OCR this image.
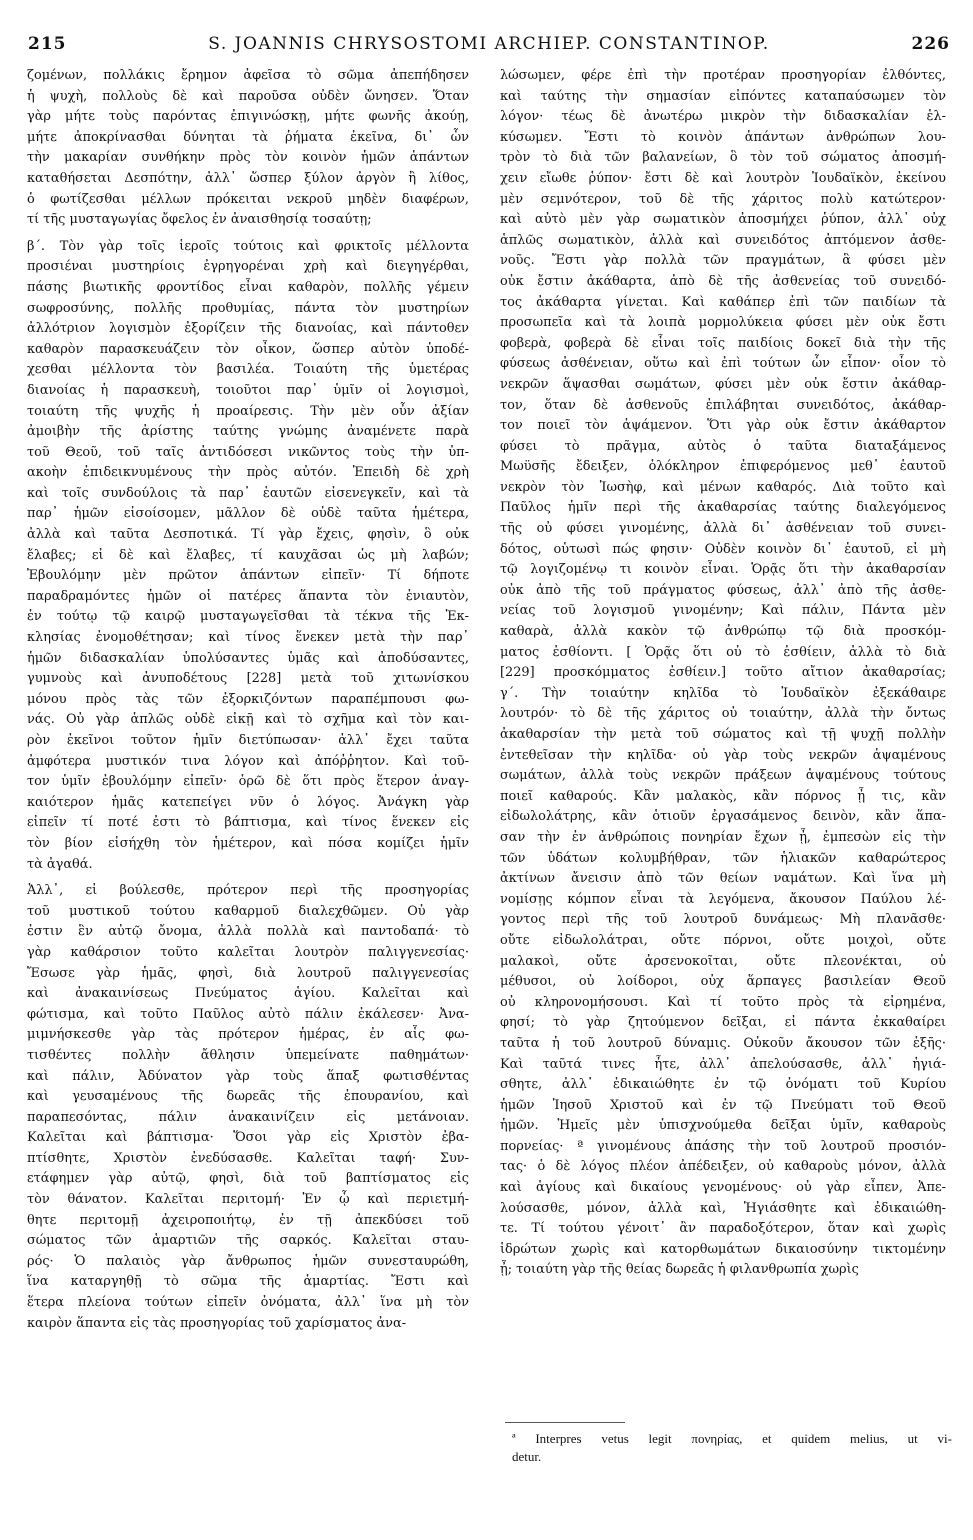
215	S. JOANNIS CHRYSOSTOMI ARCHIEP. CONSTANTINOP.	226
ζομένων, πολλάκις ἔρημον ἀφεῖσα τὸ σῶμα ἀπεπήδησεν
ἡ ψυχὴ, πολλοὺς δὲ καὶ παροῦσα οὐδὲν ὤνησεν. Ὅταν
γὰρ μήτε τοὺς παρόντας ἐπιγινώσκῃ, μήτε φωνῆς ἀκούῃ,
μήτε ἀποκρίνασθαι δύνηται τὰ ῥήματα ἐκεῖνα, δι᾽ ὧν
τὴν μακαρίαν συνθήκην πρὸς τὸν κοινὸν ἡμῶν ἁπάντων
καταθήσεται Δεσπότην, ἀλλ᾽ ὥσπερ ξύλον ἀργὸν ἢ λίθος,
ὁ φωτίζεσθαι μέλλων πρόκειται νεκροῦ μηδὲν διαφέρων,
τί τῆς μυσταγωγίας ὄφελος ἐν ἀναισθησίᾳ τοσαύτῃ;
β΄. Τὸν γὰρ τοῖς ἱεροῖς τούτοις καὶ φρικτοῖς μέλλοντα
προσιέναι μυστηρίοις ἐγρηγορέναι χρὴ καὶ διεγηγέρθαι,
πάσης βιωτικῆς φροντίδος εἶναι καθαρὸν, πολλῆς γέμειν
σωφροσύνης, πολλῆς προθυμίας, πάντα τὸν μυστηρίων
ἀλλότριον λογισμὸν ἐξορίζειν τῆς διανοίας, καὶ πάντοθεν
καθαρὸν παρασκευάζειν τὸν οἶκον, ὥσπερ αὐτὸν ὑποδέ-
χεσθαι μέλλοντα τὸν βασιλέα. Τοιαύτη τῆς ὑμετέρας
διανοίας ἡ παρασκευὴ, τοιοῦτοι παρ᾽ ὑμῖν οἱ λογισμοὶ,
τοιαύτη τῆς ψυχῆς ἡ προαίρεσις. Τὴν μὲν οὖν ἀξίαν
ἀμοιβὴν τῆς ἀρίστης ταύτης γνώμης ἀναμένετε παρὰ
τοῦ Θεοῦ, τοῦ ταῖς ἀντιδόσεσι νικῶντος τοὺς τὴν ὑπ-
ακοὴν ἐπιδεικνυμένους τὴν πρὸς αὐτόν. Ἐπειδὴ δὲ χρὴ
καὶ τοῖς συνδούλοις τὰ παρ᾽ ἑαυτῶν εἰσενεγκεῖν, καὶ τὰ
παρ᾽ ἡμῶν εἰσοίσομεν, μᾶλλον δὲ οὐδὲ ταῦτα ἡμέτερα,
ἀλλὰ καὶ ταῦτα Δεσποτικά. Τί γὰρ ἔχεις, φησὶν, ὃ οὐκ
ἔλαβες; εἰ δὲ καὶ ἔλαβες, τί καυχᾶσαι ὡς μὴ λαβών;
Ἐβουλόμην μὲν πρῶτον ἁπάντων εἰπεῖν· Τί δήποτε
παραδραμόντες ἡμῶν οἱ πατέρες ἅπαντα τὸν ἐνιαυτὸν,
ἐν τούτῳ τῷ καιρῷ μυσταγωγεῖσθαι τὰ τέκνα τῆς Ἐκ-
κλησίας ἐνομοθέτησαν; καὶ τίνος ἕνεκεν μετὰ τὴν παρ᾽
ἡμῶν διδασκαλίαν ὑπολύσαντες ὑμᾶς καὶ ἀποδύσαντες,
γυμνοὺς καὶ ἀνυποδέτους [228] μετὰ τοῦ χιτωνίσκου
μόνου πρὸς τὰς τῶν ἐξορκιζόντων παραπέμπουσι φω-
νάς. Οὐ γὰρ ἁπλῶς οὐδὲ εἰκῇ καὶ τὸ σχῆμα καὶ τὸν και-
ρὸν ἐκεῖνοι τοῦτον ἡμῖν διετύπωσαν· ἀλλ᾽ ἔχει ταῦτα
ἀμφότερα μυστικόν τινα λόγον καὶ ἀπόῤῥητον. Καὶ τοῦ-
τον ὑμῖν ἐβουλόμην εἰπεῖν· ὁρῶ δὲ ὅτι πρὸς ἕτερον ἀναγ-
καιότερον ἡμᾶς κατεπείγει νῦν ὁ λόγος. Ἀνάγκη γὰρ
εἰπεῖν τί ποτέ ἐστι τὸ βάπτισμα, καὶ τίνος ἕνεκεν εἰς
τὸν βίον εἰσήχθη τὸν ἡμέτερον, καὶ πόσα κομίζει ἡμῖν
τὰ ἀγαθά.
Ἀλλ᾽, εἰ βούλεσθε, πρότερον περὶ τῆς προσηγορίας
τοῦ μυστικοῦ τούτου καθαρμοῦ διαλεχθῶμεν. Οὐ γὰρ
ἐστιν ἓν αὐτῷ ὄνομα, ἀλλὰ πολλὰ καὶ παντοδαπά· τὸ
γὰρ καθάρσιον τοῦτο καλεῖται λουτρὸν παλιγγενεσίας·
Ἔσωσε γὰρ ἡμᾶς, φησὶ, διὰ λουτροῦ παλιγγενεσίας
καὶ ἀνακαινίσεως Πνεύματος ἁγίου. Καλεῖται καὶ
φώτισμα, καὶ τοῦτο Παῦλος αὐτὸ πάλιν ἐκάλεσεν· Ἀνα-
μιμνήσκεσθε γὰρ τὰς πρότερον ἡμέρας, ἐν αἷς φω-
τισθέντες πολλὴν ἄθλησιν ὑπεμείνατε παθημάτων·
καὶ πάλιν, Ἀδύνατον γὰρ τοὺς ἅπαξ φωτισθέντας
καὶ γευσαμένους τῆς δωρεᾶς τῆς ἐπουρανίου, καὶ
παραπεσόντας, πάλιν ἀνακαινίζειν εἰς μετάνοιαν.
Καλεῖται καὶ βάπτισμα· Ὅσοι γὰρ εἰς Χριστὸν ἐβα-
πτίσθητε, Χριστὸν ἐνεδύσασθε. Καλεῖται ταφή· Συν-
ετάφημεν γὰρ αὐτῷ, φησὶ, διὰ τοῦ βαπτίσματος εἰς
τὸν θάνατον. Καλεῖται περιτομή· Ἐν ᾧ καὶ περιετμή-
θητε περιτομῇ ἀχειροποιήτῳ, ἐν τῇ ἀπεκδύσει τοῦ
σώματος τῶν ἁμαρτιῶν τῆς σαρκός. Καλεῖται σταυ-
ρός· Ὁ παλαιὸς γὰρ ἄνθρωπος ἡμῶν συνεσταυρώθη,
ἵνα καταργηθῇ τὸ σῶμα τῆς ἁμαρτίας. Ἔστι καὶ
ἕτερα πλείονα τούτων εἰπεῖν ὀνόματα, ἀλλ᾽ ἵνα μὴ τὸν
καιρὸν ἅπαντα εἰς τὰς προσηγορίας τοῦ χαρίσματος ἀνα-
λώσωμεν, φέρε ἐπὶ τὴν προτέραν προσηγορίαν ἐλθόντες,
καὶ ταύτης τὴν σημασίαν εἰπόντες καταπαύσωμεν τὸν
λόγον· τέως δὲ ἀνωτέρω μικρὸν τὴν διδασκαλίαν ἑλ-
κύσωμεν. Ἔστι τὸ κοινὸν ἁπάντων ἀνθρώπων λου-
τρὸν τὸ διὰ τῶν βαλανείων, ὃ τὸν τοῦ σώματος ἀποσμή-
χειν εἴωθε ῥύπον· ἔστι δὲ καὶ λουτρὸν Ἰουδαϊκὸν, ἐκείνου
μὲν σεμνότερον, τοῦ δὲ τῆς χάριτος πολὺ κατώτερον·
καὶ αὐτὸ μὲν γὰρ σωματικὸν ἀποσμήχει ῥύπον, ἀλλ᾽ οὐχ
ἁπλῶς σωματικὸν, ἀλλὰ καὶ συνειδότος ἀπτόμενον ἀσθε-
νοῦς. Ἔστι γὰρ πολλὰ τῶν πραγμάτων, ἃ φύσει μὲν
οὐκ ἔστιν ἀκάθαρτα, ἀπὸ δὲ τῆς ἀσθενείας τοῦ συνειδό-
τος ἀκάθαρτα γίνεται. Καὶ καθάπερ ἐπὶ τῶν παιδίων τὰ
προσωπεῖα καὶ τὰ λοιπὰ μορμολύκεια φύσει μὲν οὐκ ἔστι
φοβερὰ, φοβερὰ δὲ εἶναι τοῖς παιδίοις δοκεῖ διὰ τὴν τῆς
φύσεως ἀσθένειαν, οὕτω καὶ ἐπὶ τούτων ὧν εἶπον· οἷον τὸ
νεκρῶν ἅψασθαι σωμάτων, φύσει μὲν οὐκ ἔστιν ἀκάθαρ-
τον, ὅταν δὲ ἀσθενοῦς ἐπιλάβηται συνειδότος, ἀκάθαρ-
τον ποιεῖ τὸν ἁψάμενον. Ὅτι γὰρ οὐκ ἔστιν ἀκάθαρτον
φύσει τὸ πρᾶγμα, αὐτὸς ὁ ταῦτα διαταξάμενος
Μωϋσῆς ἔδειξεν, ὁλόκληρον ἐπιφερόμενος μεθ᾽ ἑαυτοῦ
νεκρὸν τὸν Ἰωσὴφ, καὶ μένων καθαρός. Διὰ τοῦτο καὶ
Παῦλος ἡμῖν περὶ τῆς ἀκαθαρσίας ταύτης διαλεγόμενος
τῆς οὐ φύσει γινομένης, ἀλλὰ δι᾽ ἀσθένειαν τοῦ συνει-
δότος, οὑτωσὶ πώς φησιν· Οὐδὲν κοινὸν δι᾽ ἑαυτοῦ, εἰ μὴ
τῷ λογιζομένῳ τι κοινὸν εἶναι. Ὁρᾷς ὅτι τὴν ἀκαθαρσίαν
οὐκ ἀπὸ τῆς τοῦ πράγματος φύσεως, ἀλλ᾽ ἀπὸ τῆς ἀσθε-
νείας τοῦ λογισμοῦ γινομένην; Καὶ πάλιν, Πάντα μὲν
καθαρὰ, ἀλλὰ κακὸν τῷ ἀνθρώπῳ τῷ διὰ προσκόμ-
ματος ἐσθίοντι. [ Ὁρᾷς ὅτι οὐ τὸ ἐσθίειν, ἀλλὰ τὸ διὰ
[229] προσκόμματος ἐσθίειν.] τοῦτο αἴτιον ἀκαθαρσίας;
γ΄. Τὴν τοιαύτην κηλῖδα τὸ Ἰουδαϊκὸν ἐξεκάθαιρε
λουτρόν· τὸ δὲ τῆς χάριτος οὐ τοιαύτην, ἀλλὰ τὴν ὄντως
ἀκαθαρσίαν τὴν μετὰ τοῦ σώματος καὶ τῇ ψυχῇ πολλὴν
ἐντεθεῖσαν τὴν κηλῖδα· οὐ γὰρ τοὺς νεκρῶν ἁψαμένους
σωμάτων, ἀλλὰ τοὺς νεκρῶν πράξεων ἁψαμένους τούτους
ποιεῖ καθαρούς. Κἂν μαλακὸς, κἂν πόρνος ᾖ τις, κἂν
εἰδωλολάτρης, κἂν ὁτιοῦν ἐργασάμενος δεινὸν, κἂν ἅπα-
σαν τὴν ἐν ἀνθρώποις πονηρίαν ἔχων ᾖ, ἐμπεσὼν εἰς τὴν
τῶν ὑδάτων κολυμβήθραν, τῶν ἡλιακῶν καθαρώτερος
ἀκτίνων ἄνεισιν ἀπὸ τῶν θείων ναμάτων. Καὶ ἵνα μὴ
νομίσῃς κόμπον εἶναι τὰ λεγόμενα, ἄκουσον Παύλου λέ-
γοντος περὶ τῆς τοῦ λουτροῦ δυνάμεως· Μὴ πλανᾶσθε·
οὔτε εἰδωλολάτραι, οὔτε πόρνοι, οὔτε μοιχοὶ, οὔτε
μαλακοὶ, οὔτε ἀρσενοκοῖται, οὔτε πλεονέκται, οὐ
μέθυσοι, οὐ λοίδοροι, οὐχ ἅρπαγες βασιλείαν Θεοῦ
οὐ κληρονομήσουσι. Καὶ τί τοῦτο πρὸς τὰ εἰρημένα,
φησί; τὸ γὰρ ζητούμενον δεῖξαι, εἰ πάντα ἐκκαθαίρει
ταῦτα ἡ τοῦ λουτροῦ δύναμις. Οὐκοῦν ἄκουσον τῶν ἑξῆς·
Καὶ ταῦτά τινες ἦτε, ἀλλ᾽ ἀπελούσασθε, ἀλλ᾽ ἡγιά-
σθητε, ἀλλ᾽ ἐδικαιώθητε ἐν τῷ ὀνόματι τοῦ Κυρίου
ἡμῶν Ἰησοῦ Χριστοῦ καὶ ἐν τῷ Πνεύματι τοῦ Θεοῦ
ἡμῶν. Ἡμεῖς μὲν ὑπισχνούμεθα δεῖξαι ὑμῖν, καθαροὺς
πορνείας· ª γινομένους ἁπάσης τὴν τοῦ λουτροῦ προσιόν-
τας· ὁ δὲ λόγος πλέον ἀπέδειξεν, οὐ καθαροὺς μόνον, ἀλλὰ
καὶ ἁγίους καὶ δικαίους γενομένους· οὐ γὰρ εἶπεν, Ἀπε-
λούσασθε, μόνον, ἀλλὰ καὶ, Ἡγιάσθητε καὶ ἐδικαιώθη-
τε. Τί τούτου γένοιτ᾽ ἂν παραδοξότερον, ὅταν καὶ χωρὶς
ἱδρώτων χωρὶς καὶ κατορθωμάτων δικαιοσύνην τικτομένην
ᾖ; τοιαύτη γὰρ τῆς θείας δωρεᾶς ἡ φιλανθρωπία χωρὶς
ª Interpres vetus legit πονηρίας, et quidem melius, ut vi-
detur.
